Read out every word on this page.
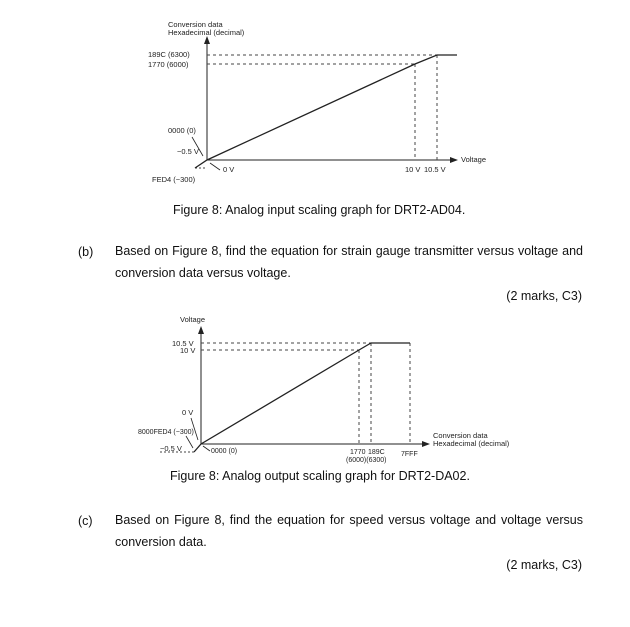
Conversion data
Hexadecimal (decimal)
189C (6300)
1770 (6000)
0000 (0)
−0.5 V
FED4 (−300)
0 V	10 V 10.5 V
Voltage
Voltage
10.5 V
10 V
0 V
8000FED4 (−300)
−0.5 V	0000 (0)	1770 189C
(6000)(6300)
7FFF
Conversion data
Hexadecimal (decimal)
Figure 8: Analog input scaling graph for DRT2-AD04.
Figure 8: Analog output scaling graph for DRT2-DA02.
(b) Based on Figure 8, find the equation for strain gauge transmitter versus voltage and conversion data versus voltage.
(2 marks, C3)
(c) Based on Figure 8, find the equation for speed versus voltage and voltage versus conversion data.
(2 marks, C3)
